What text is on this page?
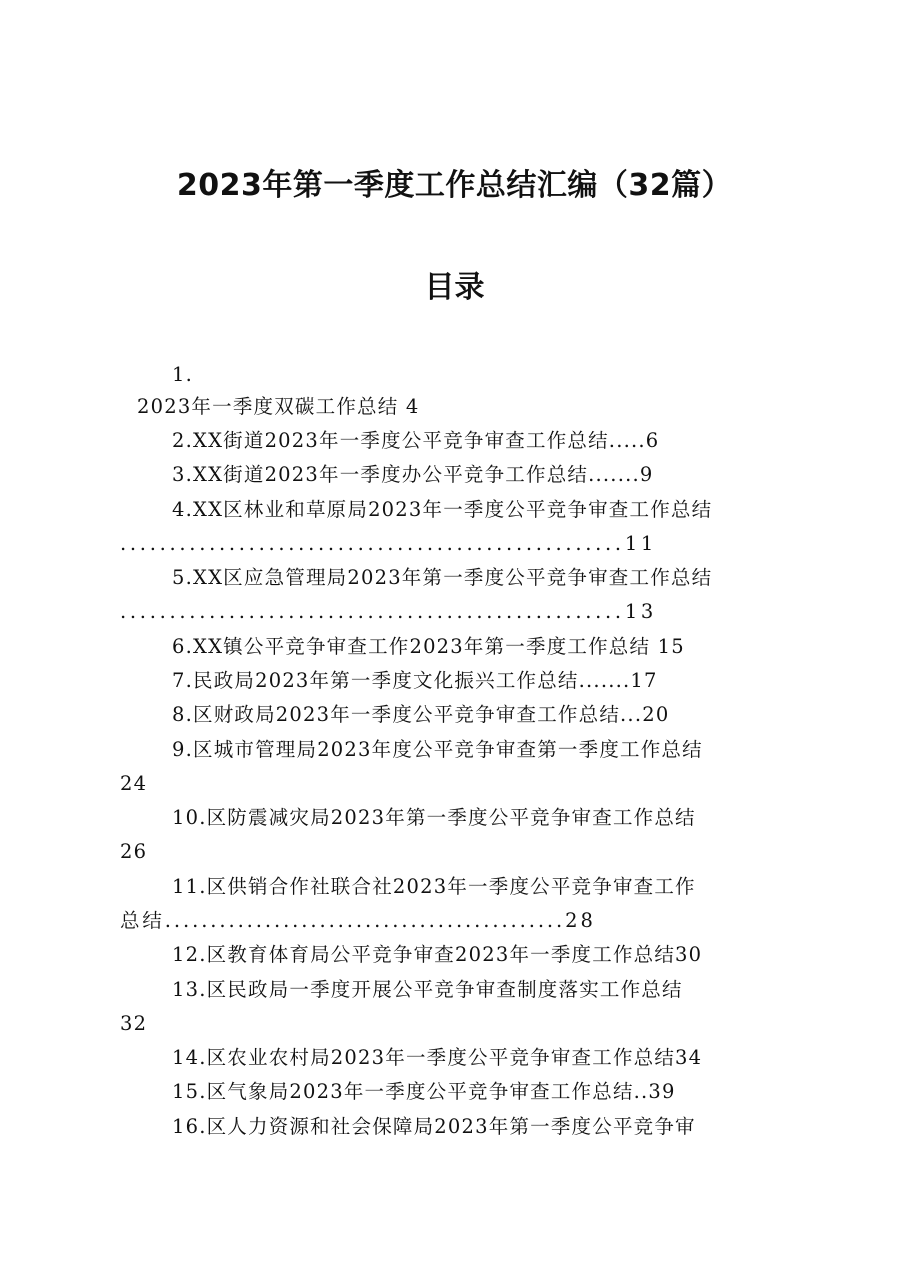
2023年第一季度工作总结汇编（32篇）
目录
1.
2023年一季度双碳工作总结 4
2.XX街道2023年一季度公平竞争审查工作总结.....6
3.XX街道2023年一季度办公平竞争工作总结.......9
4.XX区林业和草原局2023年一季度公平竞争审查工作总结
...................................................11
5.XX区应急管理局2023年第一季度公平竞争审查工作总结
...................................................13
6.XX镇公平竞争审查工作2023年第一季度工作总结 15
7.民政局2023年第一季度文化振兴工作总结.......17
8.区财政局2023年一季度公平竞争审查工作总结...20
9.区城市管理局2023年度公平竞争审查第一季度工作总结
24
10.区防震减灾局2023年第一季度公平竞争审查工作总结
26
11.区供销合作社联合社2023年一季度公平竞争审查工作
总结............................................28
12.区教育体育局公平竞争审查2023年一季度工作总结30
13.区民政局一季度开展公平竞争审查制度落实工作总结
32
14.区农业农村局2023年一季度公平竞争审查工作总结34
15.区气象局2023年一季度公平竞争审查工作总结..39
16.区人力资源和社会保障局2023年第一季度公平竞争审
